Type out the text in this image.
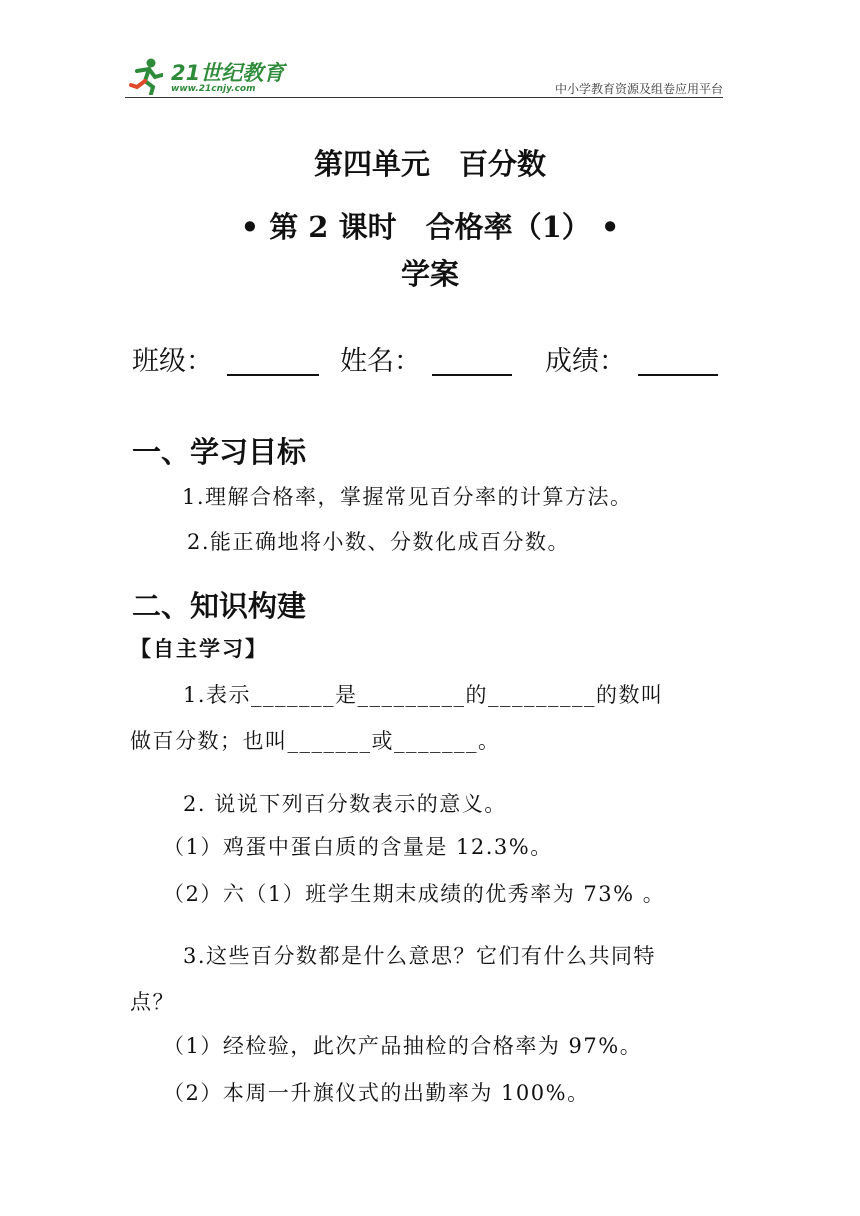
21世纪教育
www.21cnjy.com	中小学教育资源及组卷应用平台
第四单元　百分数
• 第 2 课时　合格率（1） •
学案
班级：	姓名：	成绩：
一、学习目标
1.理解合格率，掌握常见百分率的计算方法。
2.能正确地将小数、分数化成百分数。
二、知识构建
【自主学习】
1.表示_______是_________的_________的数叫
做百分数；也叫_______或_______。
2. 说说下列百分数表示的意义。
（1）鸡蛋中蛋白质的含量是 12.3%。
（2）六（1）班学生期末成绩的优秀率为 73% 。
3.这些百分数都是什么意思？它们有什么共同特
点？
（1）经检验，此次产品抽检的合格率为 97%。
（2）本周一升旗仪式的出勤率为 100%。
